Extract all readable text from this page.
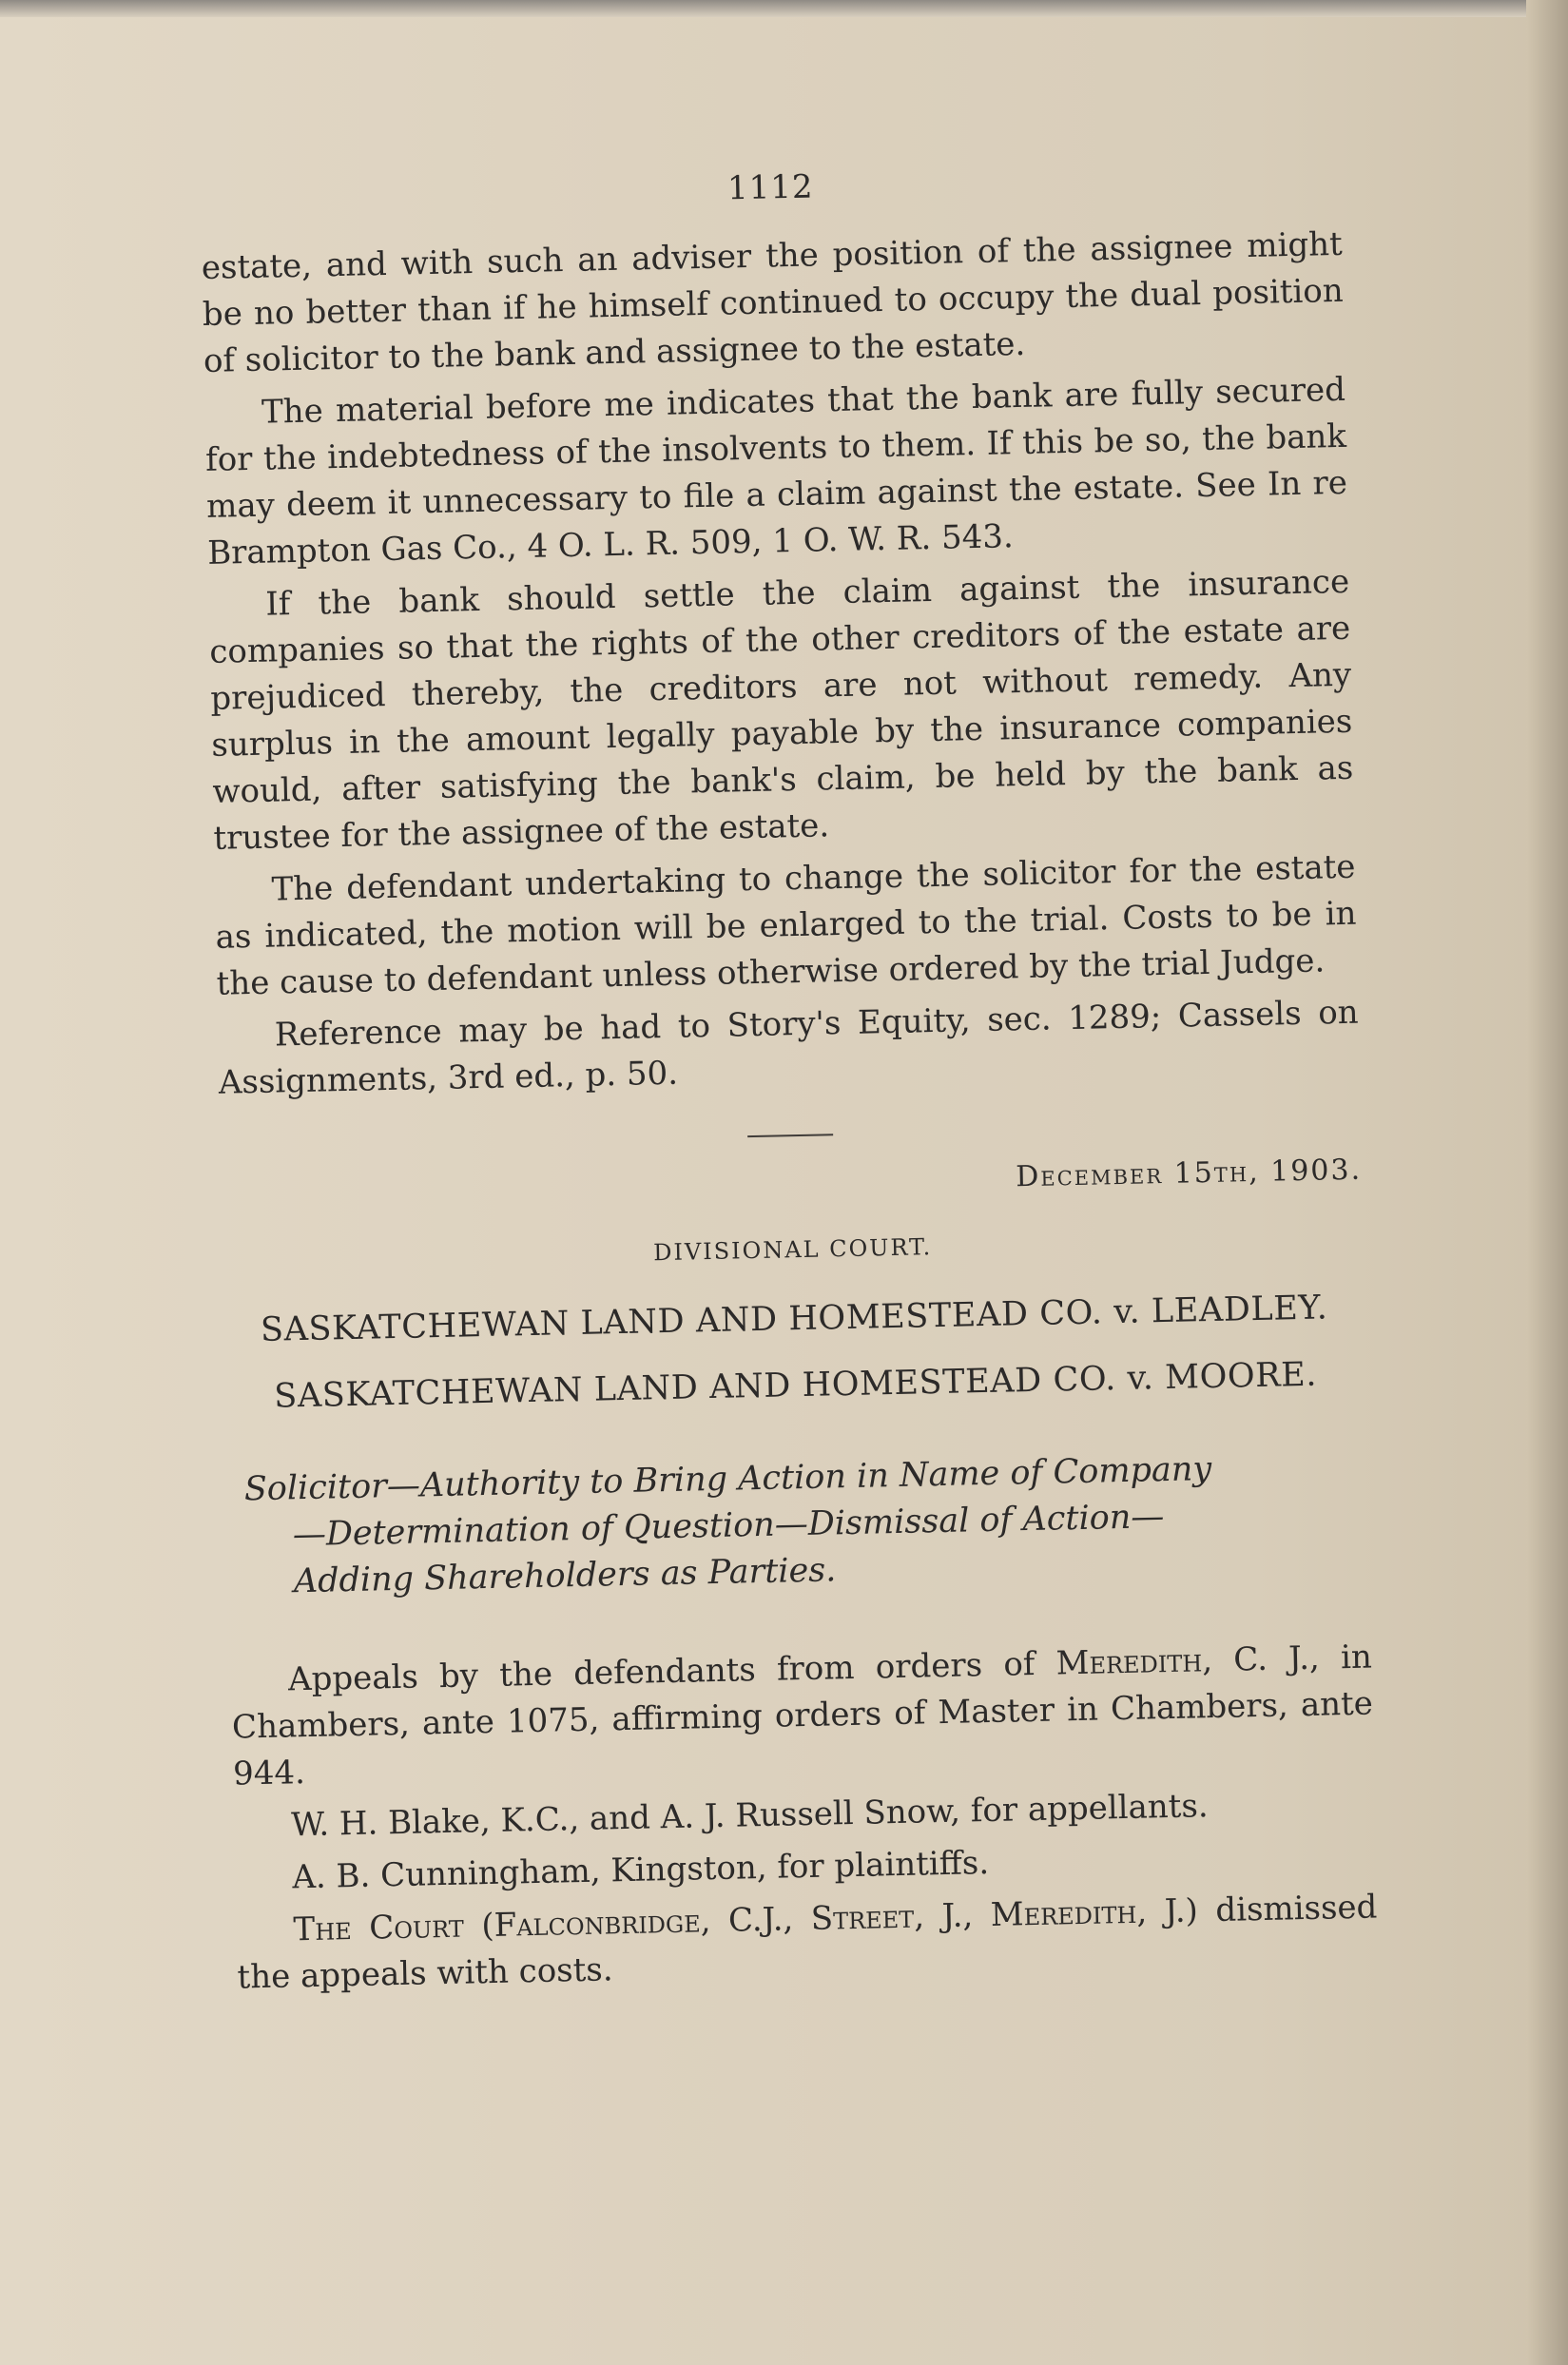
1112

estate, and with such an adviser the position of the assignee might be no better than if he himself continued to occupy the dual position of solicitor to the bank and assignee to the estate.

The material before me indicates that the bank are fully secured for the indebtedness of the insolvents to them. If this be so, the bank may deem it unnecessary to file a claim against the estate. See In re Brampton Gas Co., 4 O. L. R. 509, 1 O. W. R. 543.

If the bank should settle the claim against the insurance companies so that the rights of the other creditors of the estate are prejudiced thereby, the creditors are not without remedy. Any surplus in the amount legally payable by the insurance companies would, after satisfying the bank's claim, be held by the bank as trustee for the assignee of the estate.

The defendant undertaking to change the solicitor for the estate as indicated, the motion will be enlarged to the trial. Costs to be in the cause to defendant unless otherwise ordered by the trial Judge.

Reference may be had to Story's Equity, sec. 1289; Cassels on Assignments, 3rd ed., p. 50.

December 15th, 1903.
DIVISIONAL COURT.
SASKATCHEWAN LAND AND HOMESTEAD CO. v. LEADLEY.
SASKATCHEWAN LAND AND HOMESTEAD CO. v. MOORE.
Solicitor—Authority to Bring Action in Name of Company
—Determination of Question—Dismissal of Action—
Adding Shareholders as Parties.

Appeals by the defendants from orders of Meredith, C. J., in Chambers, ante 1075, affirming orders of Master in Chambers, ante 944.

W. H. Blake, K.C., and A. J. Russell Snow, for appellants.

A. B. Cunningham, Kingston, for plaintiffs.

The Court (Falconbridge, C.J., Street, J., Meredith, J.) dismissed the appeals with costs.
